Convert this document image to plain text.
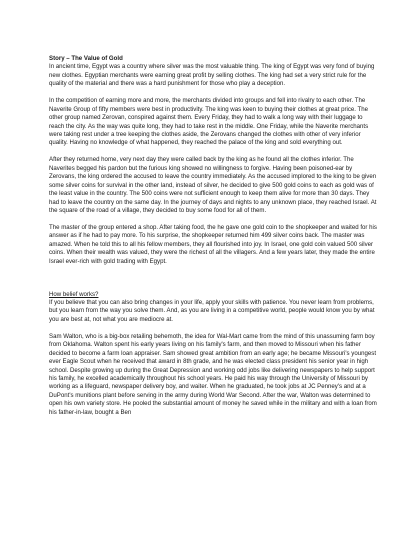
Story – The Value of Gold

In ancient time, Egypt was a country where silver was the most valuable thing. The king of Egypt was very fond of buying new clothes. Egyptian merchants were earning great profit by selling clothes. The king had set a very strict rule for the quality of the material and there was a hard punishment for those who play a deception.

In the competition of earning more and more, the merchants divided into groups and fell into rivalry to each other. The Naverite Group of fifty members were best in productivity. The king was keen to buying their clothes at great price. The other group named Zerovan, conspired against them. Every Friday, they had to walk a long way with their luggage to reach the city. As the way was quite long, they had to take rest in the middle. One Friday, while the Naverite merchants were taking rest under a tree keeping the clothes aside, the Zerovans changed the clothes with other of very inferior quality. Having no knowledge of what happened, they reached the palace of the king and sold everything out.

After they returned home, very next day they were called back by the king as he found all the clothes inferior. The Naverites begged his pardon but the furious king showed no willingness to forgive. Having been poisoned-ear by Zerovans, the king ordered the accused to leave the country immediately. As the accused implored to the king to be given some silver coins for survival in the other land, instead of silver, he decided to give 500 gold coins to each as gold was of the least value in the country. The 500 coins were not sufficient enough to keep them alive for more than 30 days. They had to leave the country on the same day. In the journey of days and nights to any unknown place, they reached Israel. At the square of the road of a village, they decided to buy some food for all of them.

The master of the group entered a shop. After taking food, the he gave one gold coin to the shopkeeper and waited for his answer as if he had to pay more. To his surprise, the shopkeeper returned him 499 silver coins back. The master was amazed. When he told this to all his fellow members, they all flourished into joy. In Israel, one gold coin valued 500 silver coins. When their wealth was valued, they were the richest of all the villagers. And a few years later, they made the entire Israel ever-rich with gold trading with Egypt.

How belief works?

If you believe that you can also bring changes in your life, apply your skills with patience. You never learn from problems, but you learn from the way you solve them. And, as you are living in a competitive world, people would know you by what you are best at, not what you are mediocre at.

Sam Walton, who is a big-box retailing behemoth, the idea for Wal-Mart came from the mind of this unassuming farm boy from Oklahoma. Walton spent his early years living on his family's farm, and then moved to Missouri when his father decided to become a farm loan appraiser. Sam showed great ambition from an early age; he became Missouri's youngest ever Eagle Scout when he received that award in 8th grade, and he was elected class president his senior year in high school. Despite growing up during the Great Depression and working odd jobs like delivering newspapers to help support his family, he excelled academically throughout his school years. He paid his way through the University of Missouri by working as a lifeguard, newspaper delivery boy, and waiter. When he graduated, he took jobs at JC Penney's and at a DuPont's munitions plant before serving in the army during World War Second. After the war, Walton was determined to open his own variety store. He pooled the substantial amount of money he saved while in the military and with a loan from his father-in-law, bought a Ben
